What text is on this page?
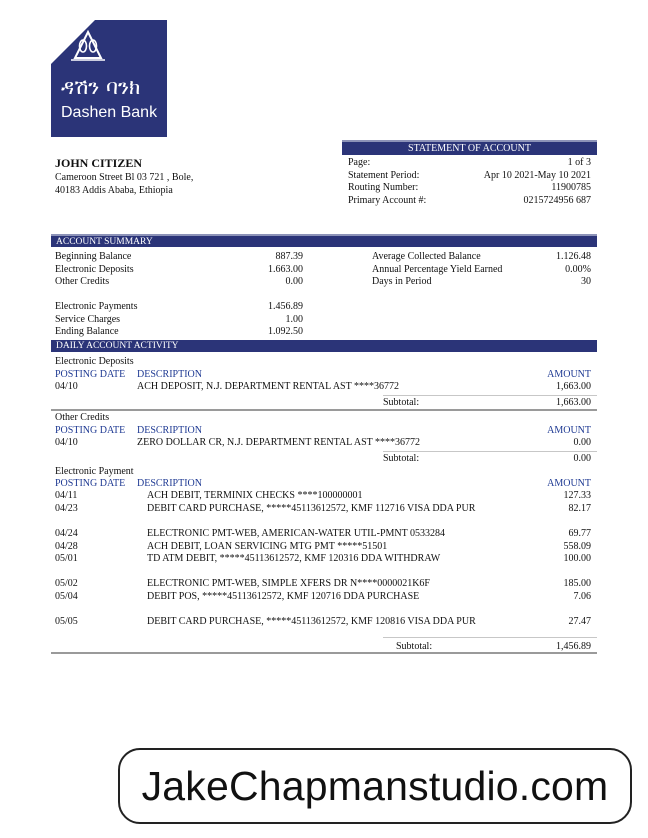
ዳሽን ባንክ
Dashen Bank
JOHN CITIZEN
Cameroon Street Bl 03 721 , Bole,
40183 Addis Ababa, Ethiopia
STATEMENT OF ACCOUNT
Page:	1 of 3
Statement Period:	Apr 10 2021-May 10 2021
Routing Number:	11900785
Primary Account #:	0215724956 687
ACCOUNT SUMMARY
Beginning Balance	887.39
Electronic Deposits	1.663.00
Other Credits	0.00
Electronic Payments	1.456.89
Service Charges	1.00
Ending Balance	1.092.50
Average Collected Balance	1.126.48
Annual Percentage Yield Earned	0.00%
Days in Period	30
DAILY ACCOUNT ACTIVITY
Electronic Deposits
POSTING DATE DESCRIPTION	AMOUNT
04/10	ACH DEPOSIT, N.J. DEPARTMENT RENTAL AST ****36772	1,663.00
Subtotal:	1,663.00
Other Credits
POSTING DATE DESCRIPTION	AMOUNT
04/10	ZERO DOLLAR CR, N.J. DEPARTMENT RENTAL AST ****36772	0.00
Subtotal:	0.00
Electronic Payment
POSTING DATE DESCRIPTION	AMOUNT
04/11	ACH DEBIT, TERMINIX CHECKS ****100000001	127.33
04/23	DEBIT CARD PURCHASE, *****45113612572, KMF 112716 VISA DDA PUR	82.17
04/24	ELECTRONIC PMT-WEB, AMERICAN-WATER UTIL-PMNT 0533284	69.77
04/28	ACH DEBIT, LOAN SERVICING MTG PMT *****51501	558.09
05/01	TD ATM DEBIT, *****45113612572, KMF 120316 DDA WITHDRAW	100.00
05/02	ELECTRONIC PMT-WEB, SIMPLE XFERS DR N****0000021K6F	185.00
05/04	DEBIT POS, *****45113612572, KMF 120716 DDA PURCHASE	7.06
05/05	DEBIT CARD PURCHASE, *****45113612572, KMF 120816 VISA DDA PUR	27.47
Subtotal:	1,456.89
JakeChapmanstudio.com
